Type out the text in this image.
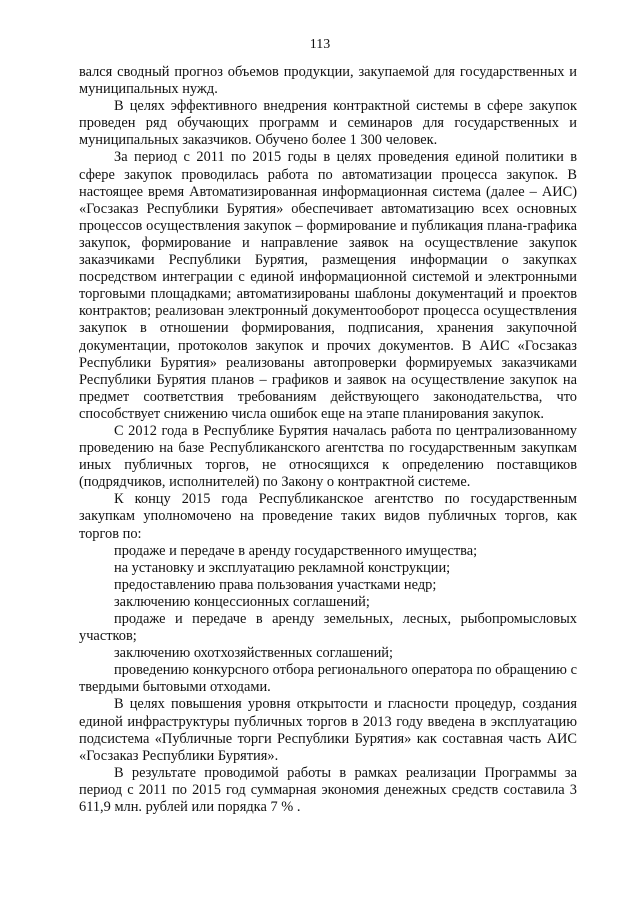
113

вался сводный прогноз объемов продукции, закупаемой для государственных и муниципальных нужд.

В целях эффективного внедрения контрактной системы в сфере закупок проведен ряд обучающих программ и семинаров для государственных и муниципальных заказчиков. Обучено более 1 300 человек.

За период с 2011 по 2015 годы в целях проведения единой политики в сфере закупок проводилась работа по автоматизации процесса закупок. В настоящее время Автоматизированная информационная система (далее – АИС) «Госзаказ Республики Бурятия» обеспечивает автоматизацию всех основных процессов осуществления закупок – формирование и публикация плана-графика закупок, формирование и направление заявок на осуществление закупок заказчиками Республики Бурятия, размещения информации о закупках посредством интеграции с единой информационной системой и электронными торговыми площадками; автоматизированы шаблоны документаций и проектов контрактов; реализован электронный документооборот процесса осуществления закупок в отношении формирования, подписания, хранения закупочной документации, протоколов закупок и прочих документов. В АИС «Госзаказ Республики Бурятия» реализованы автопроверки формируемых заказчиками Республики Бурятия планов – графиков и заявок на осуществление закупок на предмет соответствия требованиям действующего законодательства, что способствует снижению числа ошибок еще на этапе планирования закупок.

С 2012 года в Республике Бурятия началась работа по централизованному проведению на базе Республиканского агентства по государственным закупкам иных публичных торгов, не относящихся к определению поставщиков (подрядчиков, исполнителей) по Закону о контрактной системе.

К концу 2015 года Республиканское агентство по государственным закупкам уполномочено на проведение таких видов публичных торгов, как торгов по:

продаже и передаче в аренду государственного имущества;

на установку и эксплуатацию рекламной конструкции;

предоставлению права пользования участками недр;

заключению концессионных соглашений;

продаже и передаче в аренду земельных, лесных, рыбопромысловых участков;

заключению охотхозяйственных соглашений;

проведению конкурсного отбора регионального оператора по обращению с твердыми бытовыми отходами.

В целях повышения уровня открытости и гласности процедур, создания единой инфраструктуры публичных торгов в 2013 году введена в эксплуатацию подсистема «Публичные торги Республики Бурятия» как составная часть АИС «Госзаказ Республики Бурятия».

В результате проводимой работы в рамках реализации Программы за период с 2011 по 2015 год суммарная экономия денежных средств составила 3 611,9 млн. рублей или порядка 7 % .
